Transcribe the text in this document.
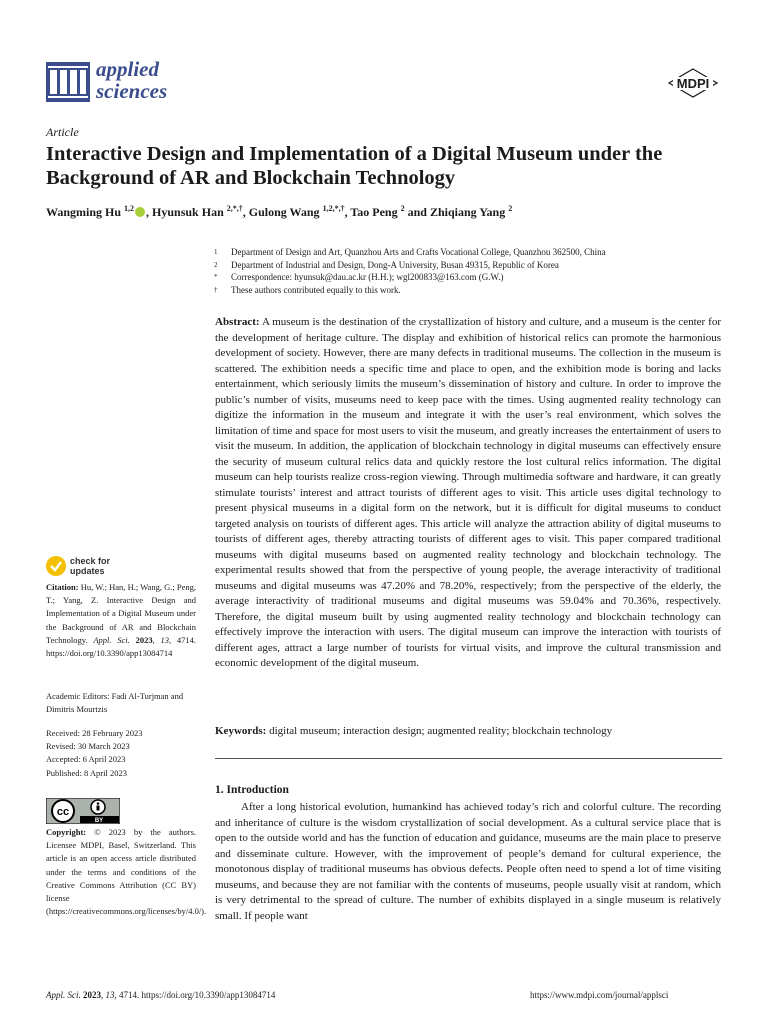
applied
sciences	MDPI
Article
Interactive Design and Implementation of a Digital Museum under the Background of AR and Blockchain Technology
Wangming Hu $^{1,2}$ , Hyunsuk Han $^{2,*,\dagger}$, Gulong Wang $^{1,2,*,\dagger}$, Tao Peng $^2$ and Zhiqiang Yang $^2$
1	Department of Design and Art, Quanzhou Arts and Crafts Vocational College, Quanzhou 362500, China
2	Department of Industrial and Design, Dong-A University, Busan 49315, Republic of Korea
*	Correspondence: hyunsuk@dau.ac.kr (H.H.); wgl200833@163.com (G.W.)
†	These authors contributed equally to this work.
Abstract: A museum is the destination of the crystallization of history and culture, and a museum is the center for the development of heritage culture. The display and exhibition of historical relics can promote the harmonious development of society. However, there are many defects in traditional museums. The collection in the museum is scattered. The exhibition needs a specific time and place to open, and the exhibition mode is boring and lacks entertainment, which seriously limits the museum’s dissemination of history and culture. In order to improve the public’s number of visits, museums need to keep pace with the times. Using augmented reality technology can digitize the information in the museum and integrate it with the user’s real environment, which solves the limitation of time and space for most users to visit the museum, and greatly increases the entertainment of users to visit the museum. In addition, the application of blockchain technology in digital museums can effectively ensure the security of museum cultural relics data and quickly restore the lost cultural relics information. The digital museum can help tourists realize cross-region viewing. Through multimedia software and hardware, it can greatly stimulate tourists’ interest and attract tourists of different ages to visit. This article uses digital technology to present physical museums in a digital form on the network, but it is difficult for digital museums to conduct targeted analysis on tourists of different ages. This article will analyze the attraction ability of digital museums to tourists of different ages, thereby attracting tourists of different ages to visit. This paper compared traditional museums with digital museums based on augmented reality technology and blockchain technology. The experimental results showed that from the perspective of young people, the average interactivity of traditional museums and digital museums was 47.20% and 78.20%, respectively; from the perspective of the elderly, the average interactivity of traditional museums and digital museums was 59.04% and 70.36%, respectively. Therefore, the digital museum built by using augmented reality technology and blockchain technology can effectively improve the interaction with users. The digital museum can improve the interaction with tourists of different ages, attract a large number of tourists for virtual visits, and improve the cultural transmission and economic development of the digital museum.
Keywords: digital museum; interaction design; augmented reality; blockchain technology
1. Introduction
After a long historical evolution, humankind has achieved today’s rich and colorful culture. The recording and inheritance of culture is the wisdom crystallization of social development. As a cultural service place that is open to the outside world and has the function of education and guidance, museums are the main place to preserve and disseminate culture. However, with the improvement of people’s demand for cultural experience, the monotonous display of traditional museums has obvious defects. People often need to spend a lot of time visiting museums, and because they are not familiar with the contents of museums, people usually visit at random, which is very detrimental to the spread of culture. The number of exhibits displayed in a single museum is relatively small. If people want
check for
updates
Citation: Hu, W.; Han, H.; Wang, G.; Peng, T.; Yang, Z. Interactive Design and Implementation of a Digital Museum under the Background of AR and Blockchain Technology. Appl. Sci. 2023, 13, 4714. https://doi.org/10.3390/app13084714
Academic Editors: Fadi Al-Turjman and Dimitris Mourtzis
Received: 28 February 2023
Revised: 30 March 2023
Accepted: 6 April 2023
Published: 8 April 2023
cc
BY
Copyright: © 2023 by the authors. Licensee MDPI, Basel, Switzerland. This article is an open access article distributed under the terms and conditions of the Creative Commons Attribution (CC BY) license (https://creativecommons.org/licenses/by/4.0/).
Appl. Sci. 2023, 13, 4714. https://doi.org/10.3390/app13084714	https://www.mdpi.com/journal/applsci
